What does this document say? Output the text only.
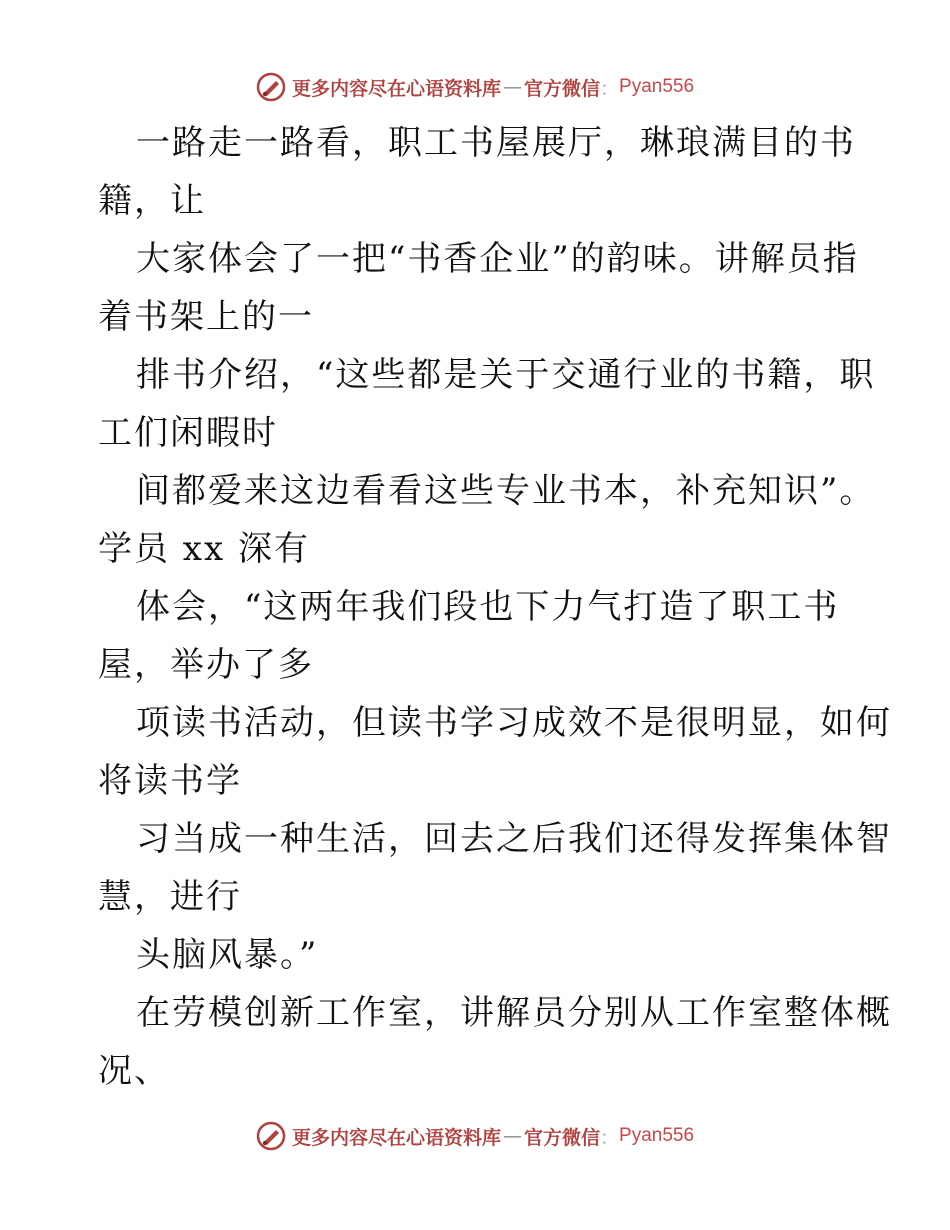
更多内容尽在心语资料库 — 官方微信 ： Pyan556
一路走一路看，职工书屋展厅，琳琅满目的书
籍，让
大家体会了一把“书香企业”的韵味。讲解员指
着书架上的一
排书介绍，“这些都是关于交通行业的书籍，职
工们闲暇时
间都爱来这边看看这些专业书本，补充知识”。
学员 xx 深有
体会，“这两年我们段也下力气打造了职工书
屋，举办了多
项读书活动，但读书学习成效不是很明显，如何
将读书学
习当成一种生活，回去之后我们还得发挥集体智
慧，进行
头脑风暴。”
在劳模创新工作室，讲解员分别从工作室整体概
况、
更多内容尽在心语资料库 — 官方微信 ： Pyan556
